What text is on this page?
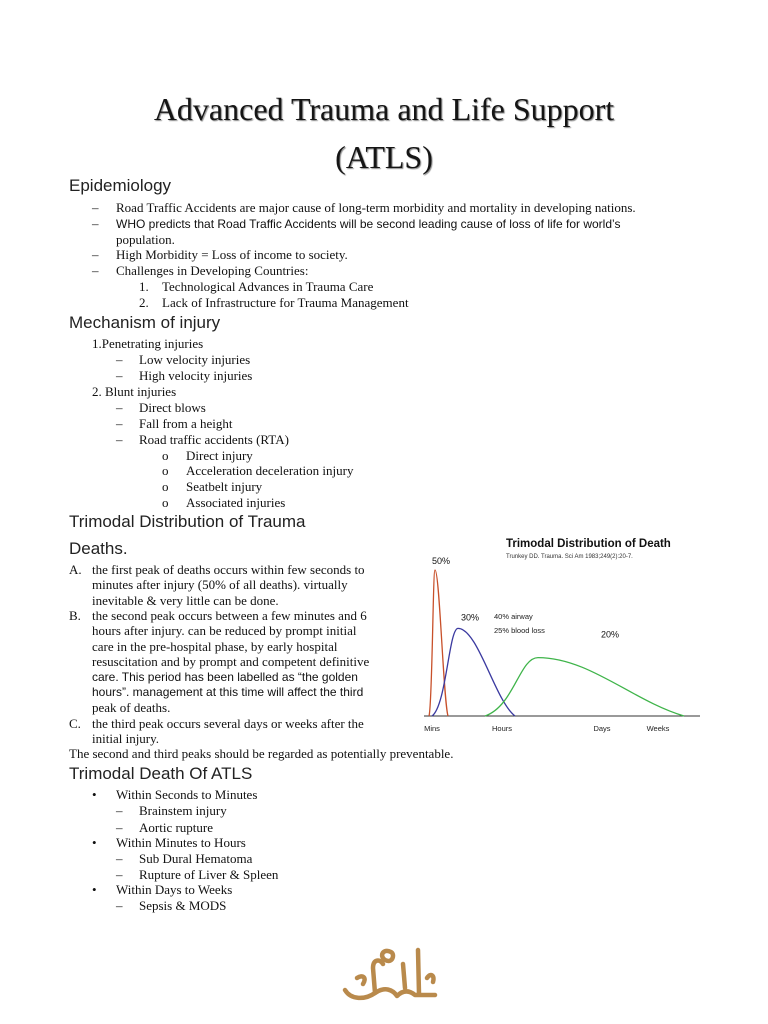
Advanced Trauma and Life Support
(ATLS)
Epidemiology
– Road Traffic Accidents are major cause of long-term morbidity and mortality in developing nations.
– WHO predicts that Road Traffic Accidents will be second leading cause of loss of life for world’s
population.
– High Morbidity = Loss of income to society.
– Challenges in Developing Countries:
1. Technological Advances in Trauma Care
2. Lack of Infrastructure for Trauma Management
Mechanism of injury
1.Penetrating injuries
– Low velocity injuries
– High velocity injuries
2. Blunt injuries
– Direct blows
– Fall from a height
– Road traffic accidents (RTA)
o Direct injury
o Acceleration deceleration injury
o Seatbelt injury
o Associated injuries
Trimodal Distribution of Trauma
Deaths.
A. the first peak of deaths occurs within few seconds to
minutes after injury (50% of all deaths). virtually
inevitable & very little can be done.
B. the second peak occurs between a few minutes and 6
hours after injury. can be reduced by prompt initial
care in the pre-hospital phase, by early hospital
resuscitation and by prompt and competent definitive
care. This period has been labelled as “the golden
hours”. management at this time will affect the third
peak of deaths.
C. the third peak occurs several days or weeks after the
initial injury.
The second and third peaks should be regarded as potentially preventable.
Trimodal Distribution of Death
Trunkey DD. Trauma. Sci Am 1983;249(2):20-7.
Mins	Hours	Days	Weeks
50%
30%
20%
40% airway
25% blood loss
Trimodal Death Of ATLS
• Within Seconds to Minutes
– Brainstem injury
– Aortic rupture
• Within Minutes to Hours
– Sub Dural Hematoma
– Rupture of Liver & Spleen
• Within Days to Weeks
– Sepsis & MODS
